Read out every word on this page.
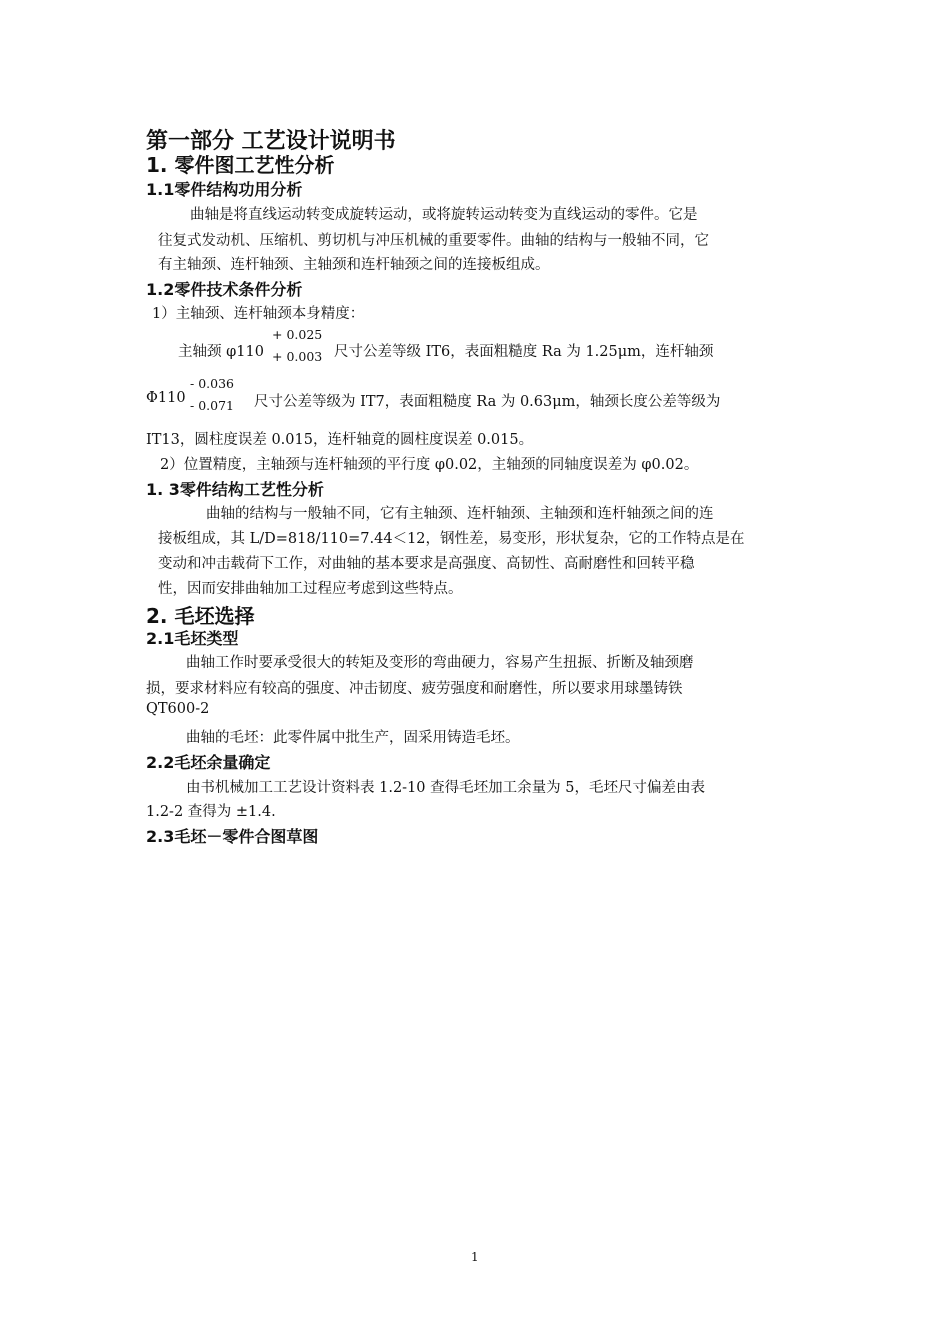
第一部分 工艺设计说明书
1. 零件图工艺性分析
1.1零件结构功用分析
曲轴是将直线运动转变成旋转运动，或将旋转运动转变为直线运动的零件。它是
往复式发动机、压缩机、剪切机与冲压机械的重要零件。曲轴的结构与一般轴不同，它
有主轴颈、连杆轴颈、主轴颈和连杆轴颈之间的连接板组成。
1.2零件技术条件分析
1）主轴颈、连杆轴颈本身精度：
主轴颈 φ110
+ 0.025
+ 0.003 尺寸公差等级 IT6，表面粗糙度 Ra 为 1.25μm，连杆轴颈
Φ110
- 0.036
- 0.071 尺寸公差等级为 IT7，表面粗糙度 Ra 为 0.63μm，轴颈长度公差等级为
IT13，圆柱度误差 0.015，连杆轴竟的圆柱度误差 0.015。
2）位置精度，主轴颈与连杆轴颈的平行度 φ0.02，主轴颈的同轴度误差为 φ0.02。
1. 3零件结构工艺性分析
曲轴的结构与一般轴不同，它有主轴颈、连杆轴颈、主轴颈和连杆轴颈之间的连
接板组成，其 L/D=818/110=7.44＜12，钢性差，易变形，形状复杂，它的工作特点是在
变动和冲击载荷下工作，对曲轴的基本要求是高强度、高韧性、高耐磨性和回转平稳
性，因而安排曲轴加工过程应考虑到这些特点。
2. 毛坯选择
2.1毛坯类型
曲轴工作时要承受很大的转矩及变形的弯曲硬力，容易产生扭振、折断及轴颈磨
损，要求材料应有较高的强度、冲击韧度、疲劳强度和耐磨性，所以要求用球墨铸铁
QT600-2
曲轴的毛坯：此零件属中批生产，固采用铸造毛坯。
2.2毛坯余量确定
由书机械加工工艺设计资料表 1.2-10 查得毛坯加工余量为 5，毛坯尺寸偏差由表
1.2-2 查得为 ±1.4.
2.3毛坯－零件合图草图
1
